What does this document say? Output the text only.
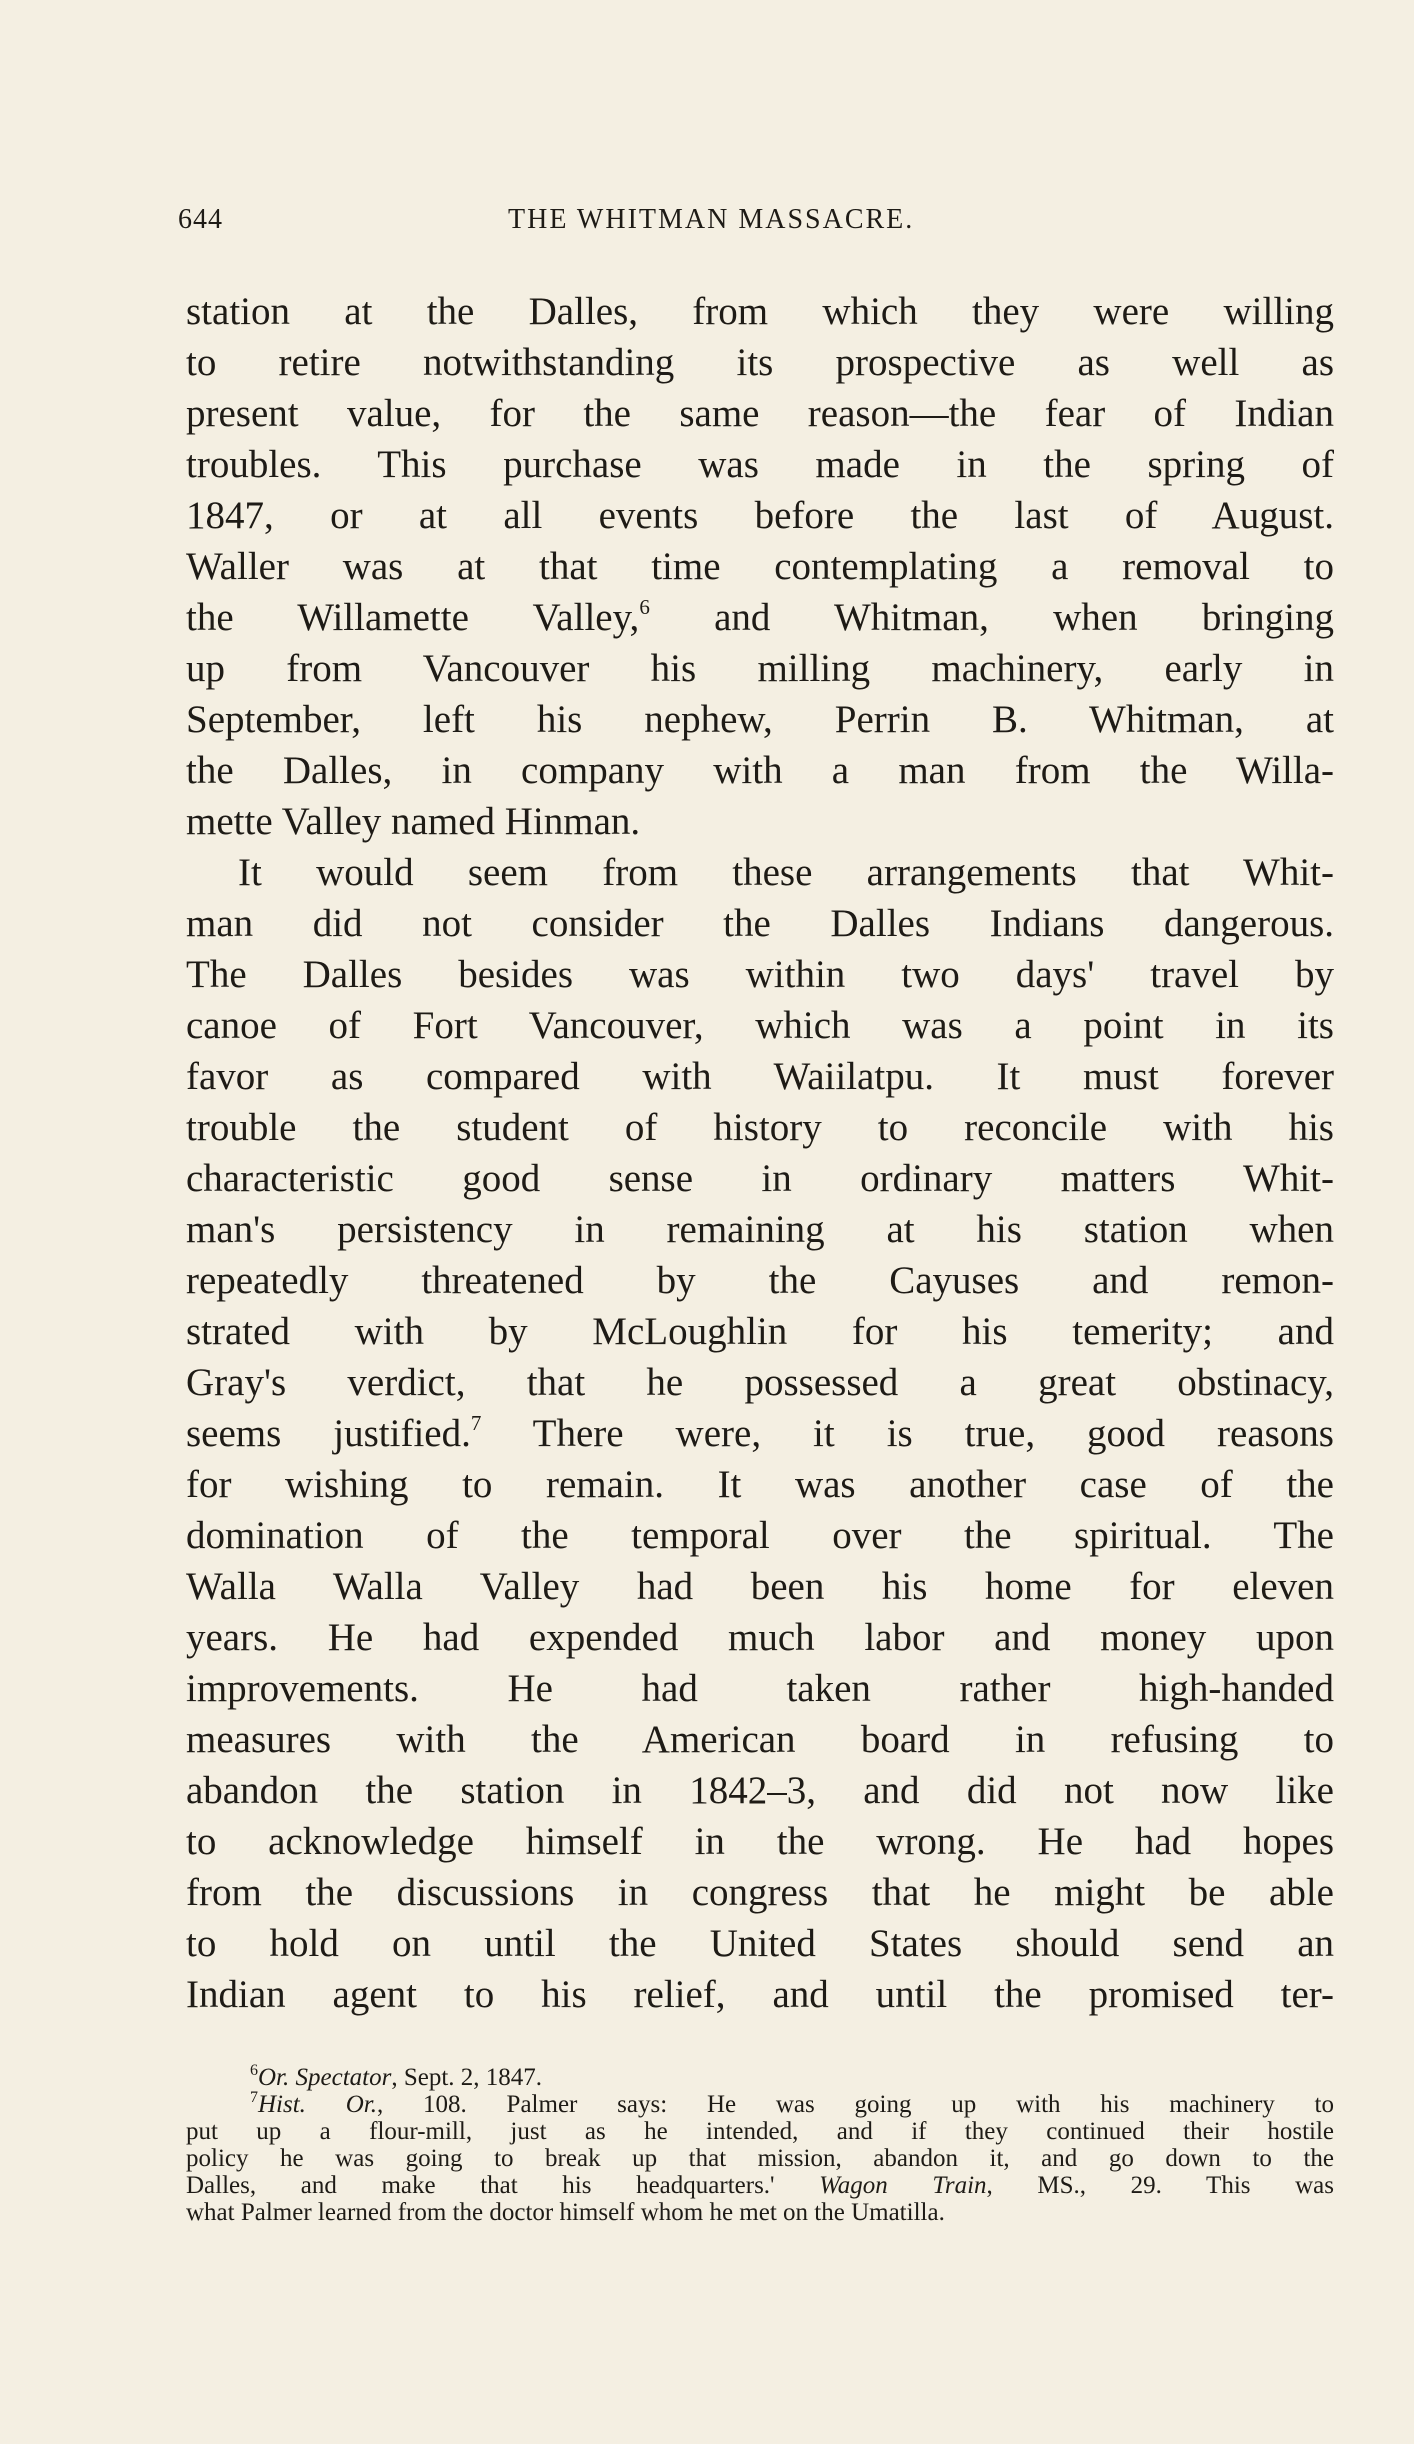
644	THE WHITMAN MASSACRE.
station at the Dalles, from which they were willing
to retire notwithstanding its prospective as well as
present value, for the same reason—the fear of Indian
troubles. This purchase was made in the spring of
1847, or at all events before the last of August.
Waller was at that time contemplating a removal to
the Willamette Valley,$^6$ and Whitman, when bringing
up from Vancouver his milling machinery, early in
September, left his nephew, Perrin B. Whitman, at
the Dalles, in company with a man from the Willa-
mette Valley named Hinman.
It would seem from these arrangements that Whit-
man did not consider the Dalles Indians dangerous.
The Dalles besides was within two days' travel by
canoe of Fort Vancouver, which was a point in its
favor as compared with Waiilatpu. It must forever
trouble the student of history to reconcile with his
characteristic good sense in ordinary matters Whit-
man's persistency in remaining at his station when
repeatedly threatened by the Cayuses and remon-
strated with by McLoughlin for his temerity; and
Gray's verdict, that he possessed a great obstinacy,
seems justified.$^7$ There were, it is true, good reasons
for wishing to remain. It was another case of the
domination of the temporal over the spiritual. The
Walla Walla Valley had been his home for eleven
years. He had expended much labor and money upon
improvements. He had taken rather high-handed
measures with the American board in refusing to
abandon the station in 1842–3, and did not now like
to acknowledge himself in the wrong. He had hopes
from the discussions in congress that he might be able
to hold on until the United States should send an
Indian agent to his relief, and until the promised ter-
$^6$Or. Spectator, Sept. 2, 1847.
$^7$Hist. Or., 108. Palmer says: He was going up with his machinery to
put up a flour-mill, just as he intended, and if they continued their hostile
policy he was going to break up that mission, abandon it, and go down to the
Dalles, and make that his headquarters.' Wagon Train, MS., 29. This was
what Palmer learned from the doctor himself whom he met on the Umatilla.
